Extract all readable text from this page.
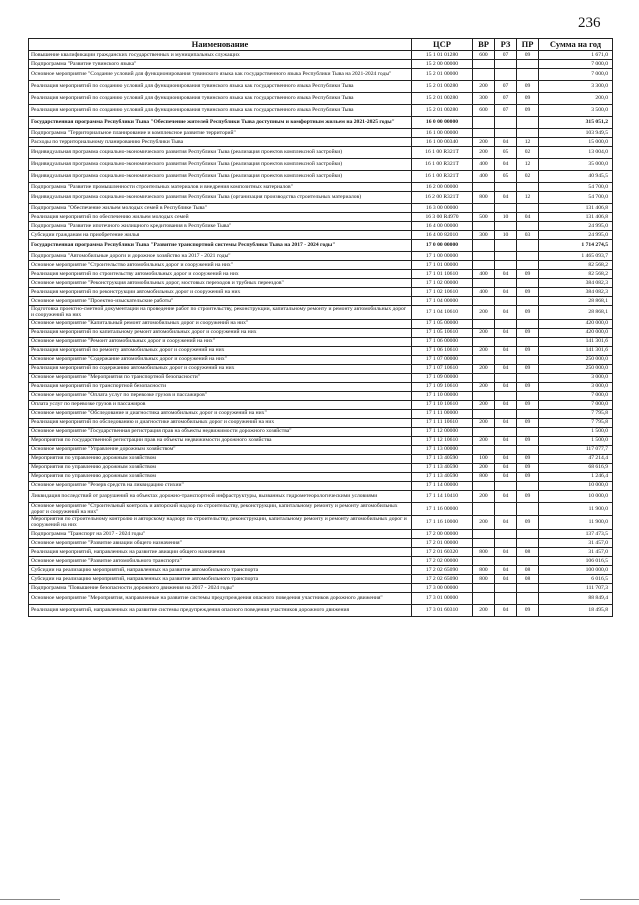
236
Наименование	ЦСР	ВР	РЗ	ПР	Сумма на год
Повышение квалификации гражданских государственных и муниципальных служащих	15 1 01 01280	600	07	09	1 671,0
Подпрограмма "Развитие тувинского языка"	15 2 00 00000				7 000,0
Основное мероприятие "Создание условий для функционирования тувинского языка как государственного языка Республики Тыва на 2021-2024 годы"	15 2 01 00000				7 000,0
Реализация мероприятий по созданию условий для функционирования тувинского языка как государственного языка Республики Тыва	15 2 01 00280	200	07	09	3 300,0
Реализация мероприятий по созданию условий для функционирования тувинского языка как государственного языка Республики Тыва	15 2 01 00280	300	07	09	200,0
Реализация мероприятий по созданию условий для функционирования тувинского языка как государственного языка Республики Тыва	15 2 01 00280	600	07	09	3 500,0
Государственная программа Республики Тыва "Обеспечение жителей Республики Тыва доступным и комфортным жильем на 2021-2025 годы"	16 0 00 00000				315 051,2
Подпрограмма "Территориальное планирование и комплексное развитие территорий"	16 1 00 00000				103 949,5
Расходы по территориальному планированию Республики Тыва	16 1 00 00340	200	04	12	15 000,0
Индивидуальная программа социально-экономического развития Республики Тыва (реализация проектов комплексной застройки)	16 1 00 R321T	200	05	02	13 004,0
Индивидуальная программа социально-экономического развития Республики Тыва (реализация проектов комплексной застройки)	16 1 00 R321T	400	04	12	35 000,0
Индивидуальная программа социально-экономического развития Республики Тыва (реализация проектов комплексной застройки)	16 1 00 R321T	400	05	02	40 945,5
Подпрограмма "Развитие промышленности строительных материалов и внедрения композитных материалов"	16 2 00 00000				54 700,0
Индивидуальная программа социально-экономического развития Республики Тыва (организация производства строительных материалов)	16 2 00 R321T	800	04	12	54 700,0
Подпрограмма "Обеспечение жильем молодых семей в Республике Тыва"	16 3 00 00000				131 406,8
Реализация мероприятий по обеспечению жильем молодых семей	16 3 00 R4970	500	10	04	131 406,8
Подпрограмма "Развитие ипотечного жилищного кредитования в Республике Тыва"	16 4 00 00000				24 995,0
Субсидии гражданам на приобретение жилья	16 4 00 82010	300	10	03	24 995,0
Государственная программа Республики Тыва "Развитие транспортной системы Республики Тыва на 2017 - 2024 годы"	17 0 00 00000				1 714 274,5
Подпрограмма "Автомобильные дороги и дорожное хозяйство на 2017 - 2021 годы"	17 1 00 00000				1 465 093,7
Основное мероприятие "Строительство автомобильных дорог и сооружений на них"	17 1 01 00000				82 568,2
Реализация мероприятий по строительству автомобильных дорог и сооружений на них	17 1 01 10610	400	04	09	82 568,2
Основное мероприятие "Реконструкция автомобильных дорог, мостовых переходов и трубных переездов"	17 1 02 00000				384 082,3
Реализация мероприятий по реконструкции автомобильных дорог и сооружений на них	17 1 02 10610	400	04	09	384 082,3
Основное мероприятие "Проектно-изыскательские работы"	17 1 04 00000				28 868,1
Подготовка проектно-сметной документации на проведение работ по строительству, реконструкции, капитальному ремонту и ремонту автомобильных дорог и сооружений на них	17 1 04 10610	200	04	09	28 868,1
Основное мероприятие "Капитальный ремонт автомобильных дорог и сооружений на них"	17 1 05 00000				420 000,0
Реализация мероприятий по капитальному ремонт автомобильных дорог и сооружений на них	17 1 05 10610	200	04	09	420 000,0
Основное мероприятие "Ремонт автомобильных дорог и сооружений на них"	17 1 06 00000				141 301,6
Реализация мероприятий по ремонту автомобильных дорог и сооружений на них	17 1 06 10610	200	04	09	141 301,6
Основное мероприятие "Содержание автомобильных дорог и сооружений на них"	17 1 07 00000				250 000,0
Реализация мероприятий по содержанию автомобильных дорог и сооружений на них	17 1 07 10610	200	04	09	250 000,0
Основное мероприятие "Мероприятия по транспортной безопасности"	17 1 09 00000				3 000,0
Реализация мероприятий по транспортной безопасности	17 1 09 10610	200	04	09	3 000,0
Основное мероприятие "Оплата услуг по перевозке грузов и пассажиров"	17 1 10 00000				7 000,0
Оплата услуг по перевозке грузов и пассажиров	17 1 10 10610	200	04	09	7 000,0
Основное мероприятие "Обследование и диагностика автомобильных дорог и сооружений на них"	17 1 11 00000				7 795,8
Реализация мероприятий по обследованию и диагностике автомобильных дорог и сооружений на них	17 1 11 10610	200	04	09	7 795,8
Основное мероприятие "Государственная регистрация прав на объекты недвижимости дорожного хозяйства"	17 1 12 00000				1 500,0
Мероприятия по государственной регистрации прав на объекты недвижимости дорожного хозяйства	17 1 12 10610	200	04	09	1 500,0
Основное мероприятие "Управление дорожным хозяйством"	17 1 13 00000				117 077,7
Мероприятия по управлению дорожным хозяйством	17 1 13 40590	100	04	09	47 214,4
Мероприятия по управлению дорожным хозяйством	17 1 13 40590	200	04	09	68 616,9
Мероприятия по управлению дорожным хозяйством	17 1 13 40590	800	04	09	1 246,4
Основное мероприятие "Резерв средств на ликвидацию стихии"	17 1 14 00000				10 000,0
Ликвидация последствий от разрушений на объектах дорожно-транспортной инфраструктуры, вызванных гидрометеорологическими условиями	17 1 14 10410	200	04	09	10 000,0
Основное мероприятие "Строительный контроль и авторский надзор по строительству, реконструкции, капитальному ремонту и ремонту автомобильных дорог и сооружений на них"	17 1 16 00000				11 900,0
Мероприятия по строительному контролю и авторскому надзору по строительству, реконструкции, капитальному ремонту и ремонту автомобильных дорог и сооружений на них	17 1 16 10000	200	04	09	11 900,0
Подпрограмма "Транспорт на 2017 - 2024 годы"	17 2 00 00000				137 473,5
Основное мероприятие "Развитие авиации общего назначения"	17 2 01 00000				31 457,0
Реализация мероприятий, направленных на развитие авиации общего назначения	17 2 01 60320	800	04	08	31 457,0
Основное мероприятие "Развитие автомобильного транспорта"	17 2 02 00000				106 016,5
Субсидии на реализацию мероприятий, направленных на развитие автомобильного транспорта	17 2 02 65090	800	04	08	100 000,0
Субсидии на реализацию мероприятий, направленных на развитие автомобильного транспорта	17 2 02 65090	800	04	08	6 016,5
Подпрограмма "Повышение безопасности дорожного движения на 2017 - 2024 годы"	17 3 00 00000				111 707,3
Основное мероприятие "Мероприятия, направленные на развитие системы предупреждения опасного поведения участников дорожного движения"	17 3 01 00000				88 849,4
Реализация мероприятий, направленных на развитие системы предупреждения опасного поведения участников дорожного движения	17 3 01 60310	200	04	09	18 495,8
